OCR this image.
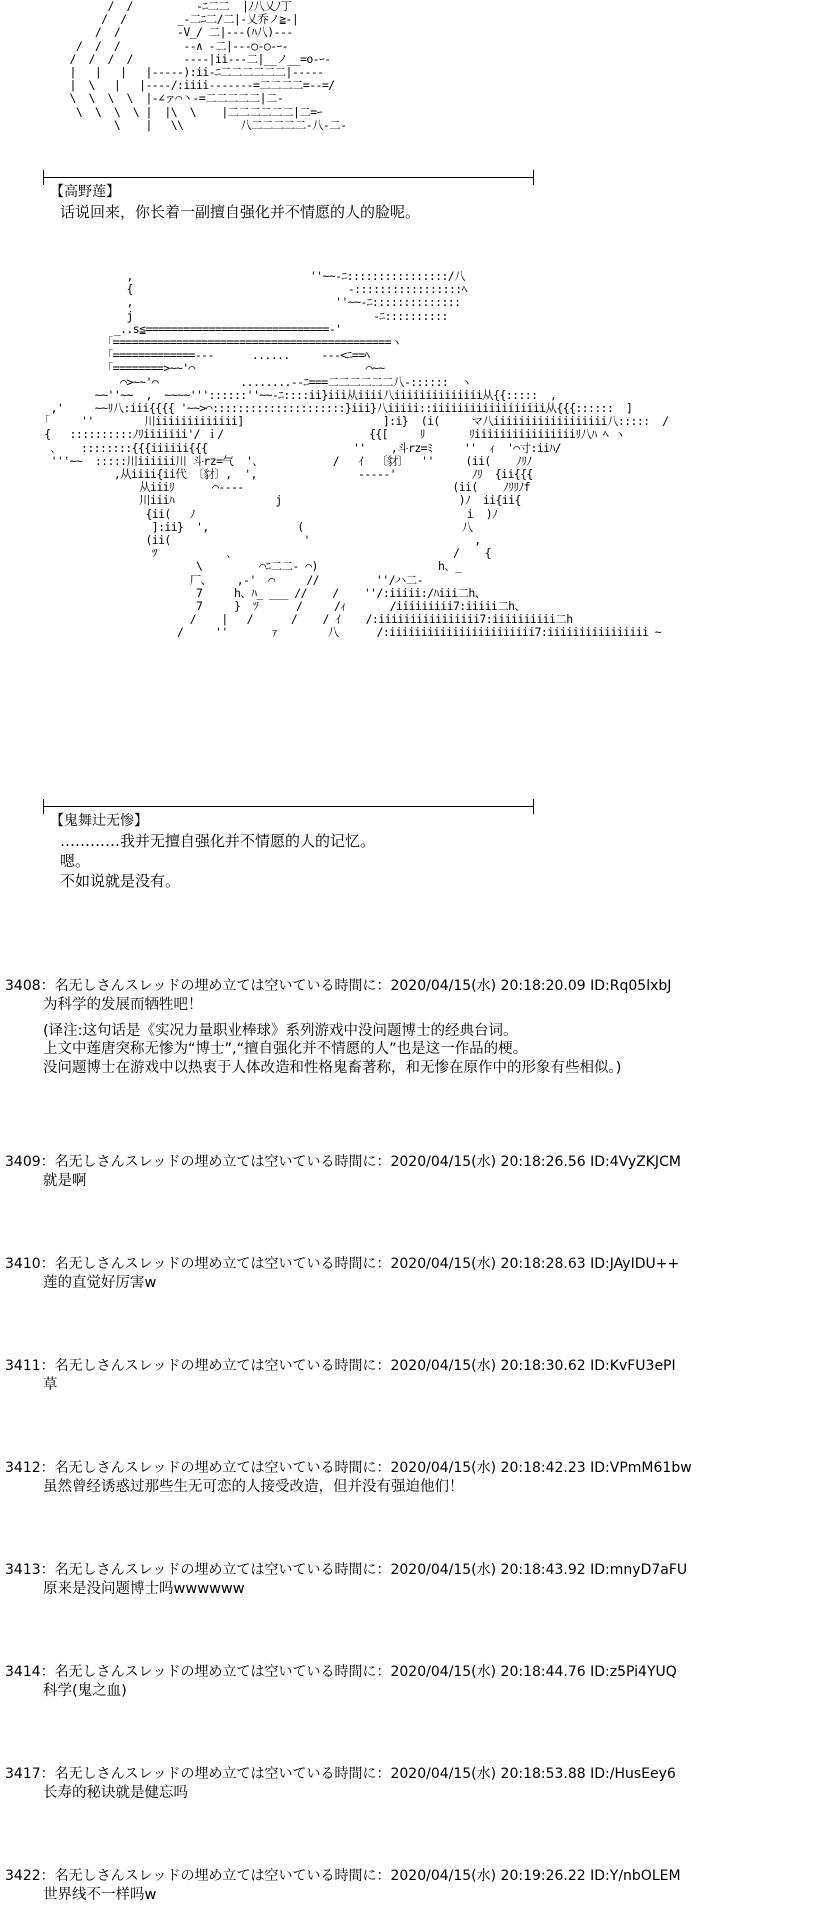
/  /          -ﾆ二二  |ﾉ八乂ﾉ丁
/  /        _-二ﾆ二/二|-乂乔ノ≧-|
/  /         -V_/ 二|---(ﾊ八)---
/  /  /          --∧ -二|---○-○-ｰ-
/  /  /  /        ----|ii---二|__ノ__=o-ｰ-
|   |   |   |-----):ii-ﾆ二二二二二二|-----
|  \   |   |----/:iiii-------=二二二二=--=/
\  \  \  \  |-∠ァ⌒丶-=二二二二二|二-
\  \  \  \ |  |\  \    |二二二二二二|二=ｰ
\    |   \\         八二二二二二-八-二-
【高野莲】
话说回来，你长着一副擅自强化并不情愿的人的脸呢。
,                            ''~~-ﾆ::::::::::::::::/八
{                                  -:::::::::::::::::ﾍ
,                                ''~~-ﾆ::::::::::::::
j                                      -ﾆ::::::::::
_..s≦=============================-'
｢============================================ヽ
｢=============---      ......     ---<ﾆ==ﾍ
｢========>~~'⌒                           ⌒~~
⌒>~~'⌒             ........--ﾆ===二二二二二二八-::::::  ヽ
~~''~~  ,  ~~~~'''::::::''~~-ﾆ::::ii}iii从iiii八iiiiiiiiiiiiii从{{:::::  ,
,'     ~~ﾘ八:iii{{{{ '~~>⌒:::::::::::::::::::::}iii}八iiiii::iiiiiiiiiiiiiiiiii从{{{::::::  ]
｢     ''        川iiiiiiiiiiiii]                      ]:i}  (i(     マ八iiiiiiiiiiiiiiiiii八:::::  /
{   ::::::::::ﾉﾘiiiiiii'/ ｉ/                       {{[     ﾘ       ﾘiiiiiiiiiiiiiiiiﾘ八ﾊ ﾍ ヽ
､    ::::::::{{{iiiiii{{{                       ''    ,斗rz=ﾐ     ''  ｨ  '⌒寸:iiﾊ/
'''~~  :::::川iiiiii川 斗rz=气  '、           /   ｲ  〔豺〕  ''     (ii(    ﾉﾘﾉ
,从iiii{ii代 〔豺〕,  ',                -----'            ﾉﾘ  {ii{{{
从iiiﾘ      ⌒----                                 (ii(    ﾉﾘﾘﾉf
川iiiﾊ                j                            )ﾉ  ii{ii{
{ii(   ﾉ                                           i  )ﾉ
]:ii}  ',              (                         八
(ii(                     '                          ,
ﾂ           ､                                   /    {
\         ⌒ﾆ二二- ⌒)                   h、_
厂、    ,-'  ⌒     //         ''/ハ二-
7     h、ﾊ_ ___ //    /    ''/:iiiii:/ﾊiii二h、
7     }  ﾂ      /     /ｨ       /iiiiiiiii7:iiiii二h、
/    |   /      /    / ｲ    /:iiiiiiiiiiiiiiii7:iiiiiiiiii二h
/     ''       ｧ        八      /:iiiiiiiiiiiiiiiiiiiiiii7:iiiiiiiiiiiiiiii ~
【鬼舞辻无惨】
…………我并无擅自强化并不情愿的人的记忆。
嗯。
不如说就是没有。
3408：名无しさんスレッドの埋め立ては空いている時間に：2020/04/15(水) 20:18:20.09 ID:Rq05lxbJ
为科学的发展而牺牲吧！
(译注:这句话是《实况力量职业棒球》系列游戏中没问题博士的经典台词。
上文中莲唐突称无惨为“博士”,“擅自强化并不情愿的人”也是这一作品的梗。
没问题博士在游戏中以热衷于人体改造和性格鬼畜著称，和无惨在原作中的形象有些相似。)
3409：名无しさんスレッドの埋め立ては空いている時間に：2020/04/15(水) 20:18:26.56 ID:4VyZKJCM
就是啊
3410：名无しさんスレッドの埋め立ては空いている時間に：2020/04/15(水) 20:18:28.63 ID:JAyIDU++
莲的直觉好厉害w
3411：名无しさんスレッドの埋め立ては空いている時間に：2020/04/15(水) 20:18:30.62 ID:KvFU3ePI
草
3412：名无しさんスレッドの埋め立ては空いている時間に：2020/04/15(水) 20:18:42.23 ID:VPmM61bw
虽然曾经诱惑过那些生无可恋的人接受改造，但并没有强迫他们！
3413：名无しさんスレッドの埋め立ては空いている時間に：2020/04/15(水) 20:18:43.92 ID:mnyD7aFU
原来是没问题博士吗wwwwww
3414：名无しさんスレッドの埋め立ては空いている時間に：2020/04/15(水) 20:18:44.76 ID:z5Pi4YUQ
科学(鬼之血)
3417：名无しさんスレッドの埋め立ては空いている時間に：2020/04/15(水) 20:18:53.88 ID:/HusEey6
长寿的秘诀就是健忘吗
3422：名无しさんスレッドの埋め立ては空いている時間に：2020/04/15(水) 20:19:26.22 ID:Y/nbOLEM
世界线不一样吗w
